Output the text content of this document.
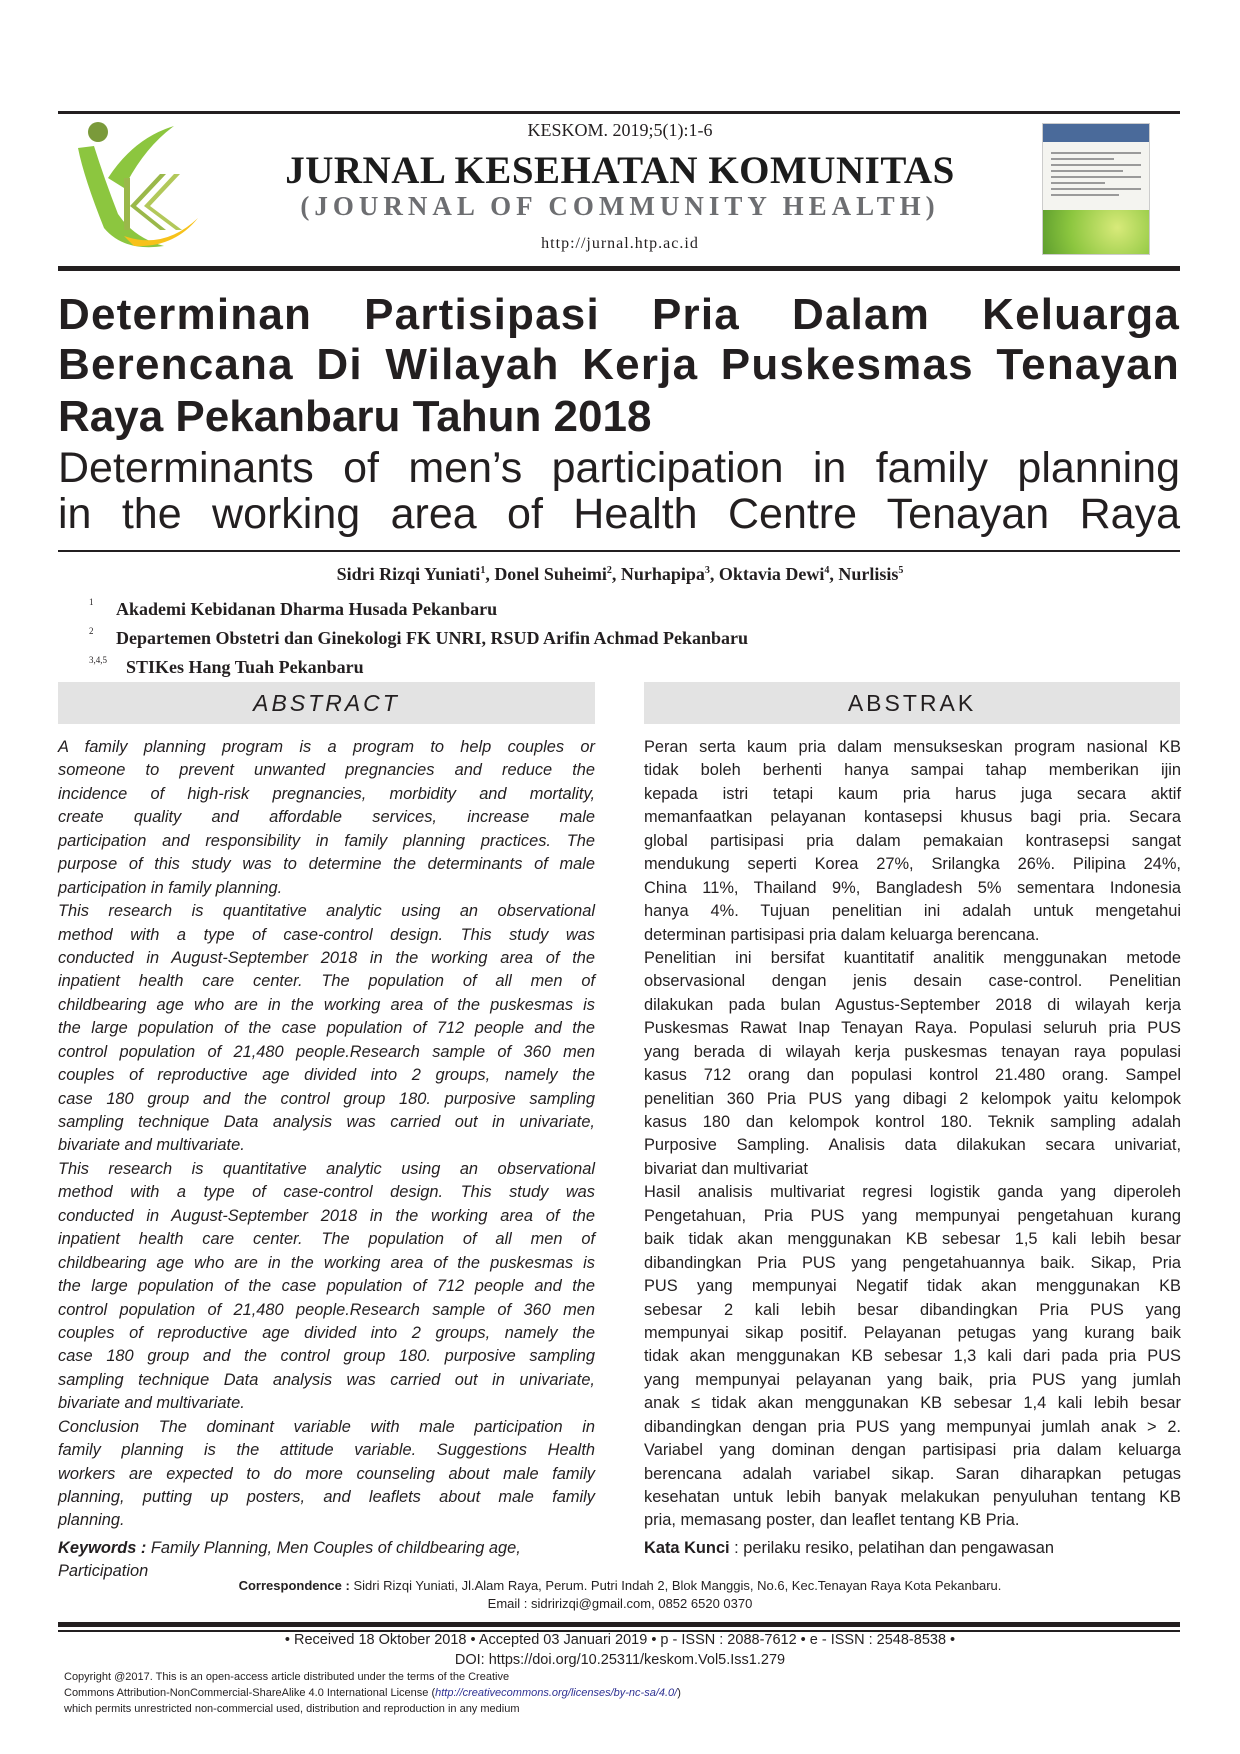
KESKOM. 2019;5(1):1-6
JURNAL KESEHATAN KOMUNITAS
(JOURNAL OF COMMUNITY HEALTH)
http://jurnal.htp.ac.id
Determinan Partisipasi Pria Dalam Keluarga
Berencana Di Wilayah Kerja Puskesmas Tenayan
Raya Pekanbaru Tahun 2018
Determinants of men’s participation in family planning
in the working area of Health Centre Tenayan Raya
Sidri Rizqi Yuniati$^1$, Donel Suheimi$^2$, Nurhapipa$^3$, Oktavia Dewi$^4$, Nurlisis$^5$
1 Akademi Kebidanan Dharma Husada Pekanbaru
2 Departemen Obstetri dan Ginekologi FK UNRI, RSUD Arifin Achmad Pekanbaru
3,4,5 STIKes Hang Tuah Pekanbaru
ABSTRACT	ABSTRAK
A family planning program is a program to help couples or
someone to prevent unwanted pregnancies and reduce the
incidence of high-risk pregnancies, morbidity and mortality,
create quality and affordable services, increase male
participation and responsibility in family planning practices. The
purpose of this study was to determine the determinants of male
participation in family planning.
This research is quantitative analytic using an observational
method with a type of case-control design. This study was
conducted in August-September 2018 in the working area of the
inpatient health care center. The population of all men of
childbearing age who are in the working area of the puskesmas is
the large population of the case population of 712 people and the
control population of 21,480 people.Research sample of 360 men
couples of reproductive age divided into 2 groups, namely the
case 180 group and the control group 180. purposive sampling
sampling technique Data analysis was carried out in univariate,
bivariate and multivariate.
This research is quantitative analytic using an observational
method with a type of case-control design. This study was
conducted in August-September 2018 in the working area of the
inpatient health care center. The population of all men of
childbearing age who are in the working area of the puskesmas is
the large population of the case population of 712 people and the
control population of 21,480 people.Research sample of 360 men
couples of reproductive age divided into 2 groups, namely the
case 180 group and the control group 180. purposive sampling
sampling technique Data analysis was carried out in univariate,
bivariate and multivariate.
Conclusion The dominant variable with male participation in
family planning is the attitude variable. Suggestions Health
workers are expected to do more counseling about male family
planning, putting up posters, and leaflets about male family
planning.
Peran serta kaum pria dalam mensukseskan program nasional KB
tidak boleh berhenti hanya sampai tahap memberikan ijin
kepada istri tetapi kaum pria harus juga secara aktif
memanfaatkan pelayanan kontasepsi khusus bagi pria. Secara
global partisipasi pria dalam pemakaian kontrasepsi sangat
mendukung seperti Korea 27%, Srilangka 26%. Pilipina 24%,
China 11%, Thailand 9%, Bangladesh 5% sementara Indonesia
hanya 4%. Tujuan penelitian ini adalah untuk mengetahui
determinan partisipasi pria dalam keluarga berencana.
Penelitian ini bersifat kuantitatif analitik menggunakan metode
observasional dengan jenis desain case-control. Penelitian
dilakukan pada bulan Agustus-September 2018 di wilayah kerja
Puskesmas Rawat Inap Tenayan Raya. Populasi seluruh pria PUS
yang berada di wilayah kerja puskesmas tenayan raya populasi
kasus 712 orang dan populasi kontrol 21.480 orang. Sampel
penelitian 360 Pria PUS yang dibagi 2 kelompok yaitu kelompok
kasus 180 dan kelompok kontrol 180. Teknik sampling adalah
Purposive Sampling. Analisis data dilakukan secara univariat,
bivariat dan multivariat
Hasil analisis multivariat regresi logistik ganda yang diperoleh
Pengetahuan, Pria PUS yang mempunyai pengetahuan kurang
baik tidak akan menggunakan KB sebesar 1,5 kali lebih besar
dibandingkan Pria PUS yang pengetahuannya baik. Sikap, Pria
PUS yang mempunyai Negatif tidak akan menggunakan KB
sebesar 2 kali lebih besar dibandingkan Pria PUS yang
mempunyai sikap positif. Pelayanan petugas yang kurang baik
tidak akan menggunakan KB sebesar 1,3 kali dari pada pria PUS
yang mempunyai pelayanan yang baik, pria PUS yang jumlah
anak ≤ tidak akan menggunakan KB sebesar 1,4 kali lebih besar
dibandingkan dengan pria PUS yang mempunyai jumlah anak > 2.
Variabel yang dominan dengan partisipasi pria dalam keluarga
berencana adalah variabel sikap. Saran diharapkan petugas
kesehatan untuk lebih banyak melakukan penyuluhan tentang KB
pria, memasang poster, dan leaflet tentang KB Pria.
Keywords : Family Planning, Men Couples of childbearing age,
Participation
Kata Kunci : perilaku resiko, pelatihan dan pengawasan
Correspondence : Sidri Rizqi Yuniati, Jl.Alam Raya, Perum. Putri Indah 2, Blok Manggis, No.6, Kec.Tenayan Raya Kota Pekanbaru.
Email : sidririzqi@gmail.com, 0852 6520 0370
• Received 18 Oktober 2018 • Accepted 03 Januari 2019 • p - ISSN : 2088-7612 • e - ISSN : 2548-8538 •
DOI: https://doi.org/10.25311/keskom.Vol5.Iss1.279
Copyright @2017. This is an open-access article distributed under the terms of the Creative
Commons Attribution-NonCommercial-ShareAlike 4.0 International License (http://creativecommons.org/licenses/by-nc-sa/4.0/)
which permits unrestricted non-commercial used, distribution and reproduction in any medium
